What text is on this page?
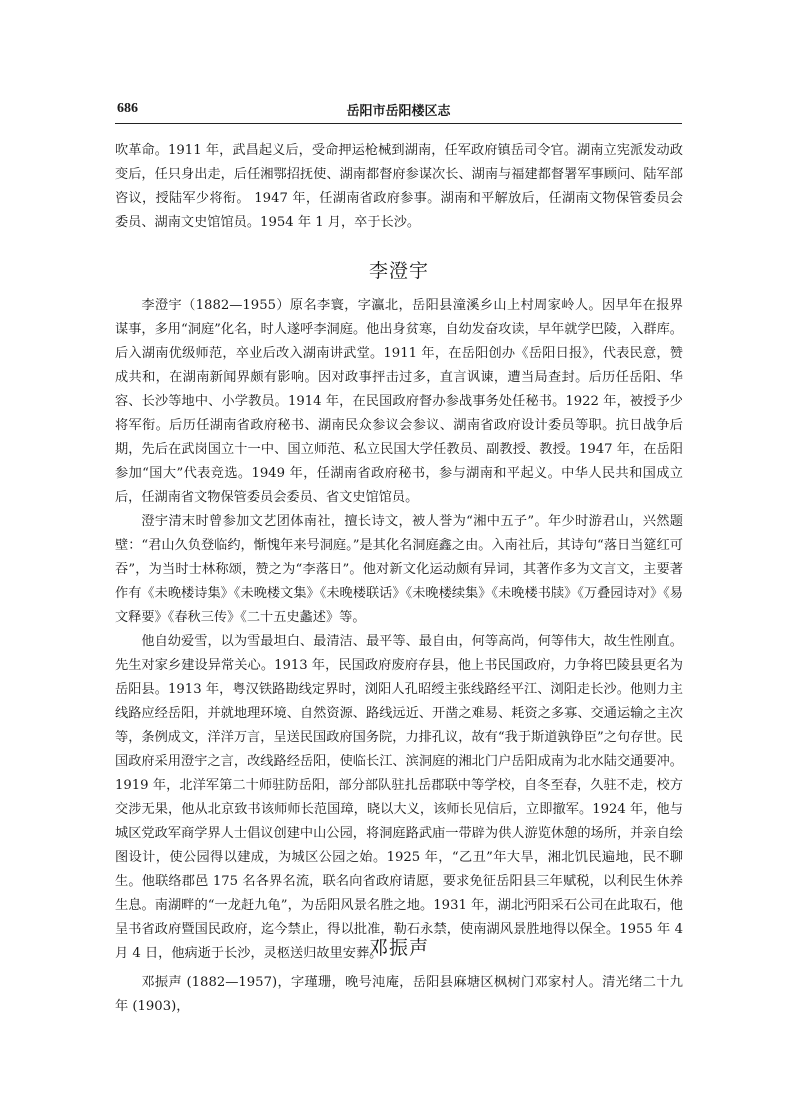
686	岳阳市岳阳楼区志

吹革命。1911 年，武昌起义后，受命押运枪械到湖南，任军政府镇岳司令官。湖南立宪派发动政变后，任只身出走，后任湘鄂招抚使、湖南都督府参谋次长、湖南与福建都督署军事顾问、陆军部咨议，授陆军少将衔。 1947 年，任湖南省政府参事。湖南和平解放后，任湖南文物保管委员会委员、湖南文史馆馆员。1954 年 1 月，卒于长沙。

李澄宇

李澄宇（1882—1955）原名李寰，字瀛北，岳阳县潼溪乡山上村周家岭人。因早年在报界谋事，多用“洞庭”化名，时人遂呼李洞庭。他出身贫寒，自幼发奋攻读，早年就学巴陵，入群库。后入湖南优级师范，卒业后改入湖南讲武堂。1911 年，在岳阳创办《岳阳日报》，代表民意，赞成共和，在湖南新闻界颇有影响。因对政事抨击过多，直言讽谏，遭当局查封。后历任岳阳、华容、长沙等地中、小学教员。1914 年，在民国政府督办参战事务处任秘书。1922 年，被授予少将军衔。后历任湖南省政府秘书、湖南民众参议会参议、湖南省政府设计委员等职。抗日战争后期，先后在武岗国立十一中、国立师范、私立民国大学任教员、副教授、教授。1947 年，在岳阳参加“国大”代表竞选。1949 年，任湖南省政府秘书，参与湖南和平起义。中华人民共和国成立后，任湖南省文物保管委员会委员、省文史馆馆员。

澄宇清末时曾参加文艺团体南社，擅长诗文，被人誉为“湘中五子”。年少时游君山，兴然题壁：“君山久负登临约，惭愧年来号洞庭。”是其化名洞庭鑫之由。入南社后，其诗句“落日当筵红可吞”，为当时士林称颂，赞之为“李落日”。他对新文化运动颇有异词，其著作多为文言文，主要著作有《未晚楼诗集》《未晚楼文集》《未晚楼联话》《未晚楼续集》《未晚楼书牍》《万叠园诗对》《易文释要》《春秋三传》《二十五史蠡述》等。

他自幼爱雪，以为雪最坦白、最清洁、最平等、最自由，何等高尚，何等伟大，故生性刚直。先生对家乡建设异常关心。1913 年，民国政府废府存县，他上书民国政府，力争将巴陵县更名为岳阳县。1913 年，粤汉铁路勘线定界时，浏阳人孔昭绶主张线路经平江、浏阳走长沙。他则力主线路应经岳阳，并就地理环境、自然资源、路线远近、开凿之难易、耗资之多寡、交通运输之主次等，条例成文，洋洋万言，呈送民国政府国务院，力排孔议，故有“我于斯道孰铮臣”之句存世。民国政府采用澄宇之言，改线路经岳阳，使临长江、滨洞庭的湘北门户岳阳成南为北水陆交通要冲。1919 年，北洋军第二十师驻防岳阳，部分部队驻扎岳郡联中等学校，自冬至春，久驻不走，校方交涉无果，他从北京致书该师师长范国璋，晓以大义，该师长见信后，立即撤军。1924 年，他与城区党政军商学界人士倡议创建中山公园，将洞庭路武庙一带辟为供人游览休憩的场所，并亲自绘图设计，使公园得以建成，为城区公园之始。1925 年，“乙丑”年大旱，湘北饥民遍地，民不聊生。他联络郡邑 175 名各界名流，联名向省政府请愿，要求免征岳阳县三年赋税，以利民生休养生息。南湖畔的“一龙赶九龟”，为岳阳风景名胜之地。1931 年，湖北沔阳采石公司在此取石，他呈书省政府暨国民政府，迄今禁止，得以批准，勒石永禁，使南湖风景胜地得以保全。1955 年 4 月 4 日，他病逝于长沙，灵柩送归故里安葬。

邓振声

邓振声 (1882—1957)，字瑾珊，晚号沌庵，岳阳县麻塘区枫树门邓家村人。清光绪二十九年 (1903)，
